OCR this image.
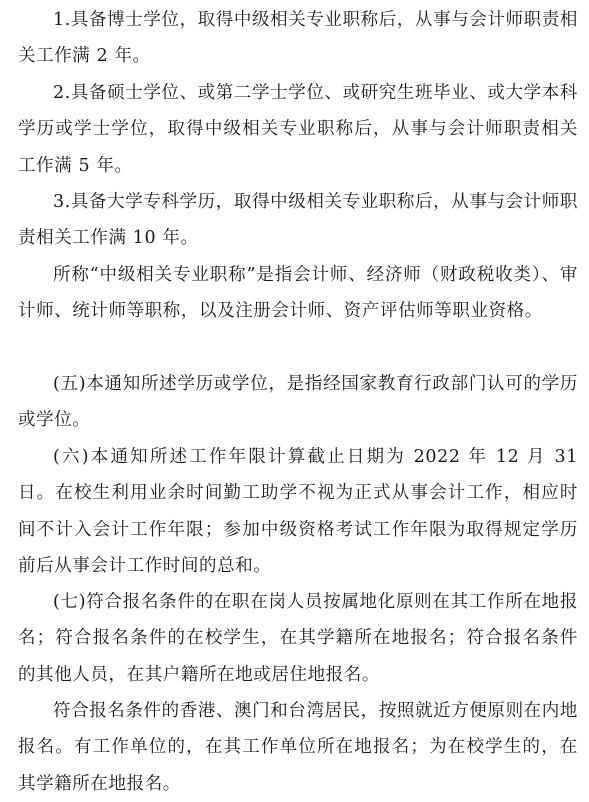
1.具备博士学位，取得中级相关专业职称后，从事与会计师职责相关工作满 2 年。

2.具备硕士学位、或第二学士学位、或研究生班毕业、或大学本科学历或学士学位，取得中级相关专业职称后，从事与会计师职责相关工作满 5 年。

3.具备大学专科学历，取得中级相关专业职称后，从事与会计师职责相关工作满 10 年。

所称“中级相关专业职称”是指会计师、经济师（财政税收类）、审计师、统计师等职称，以及注册会计师、资产评估师等职业资格。

(五)本通知所述学历或学位，是指经国家教育行政部门认可的学历或学位。

(六)本通知所述工作年限计算截止日期为 2022 年 12 月 31 日。在校生利用业余时间勤工助学不视为正式从事会计工作，相应时间不计入会计工作年限；参加中级资格考试工作年限为取得规定学历前后从事会计工作时间的总和。

(七)符合报名条件的在职在岗人员按属地化原则在其工作所在地报名；符合报名条件的在校学生，在其学籍所在地报名；符合报名条件的其他人员，在其户籍所在地或居住地报名。

符合报名条件的香港、澳门和台湾居民，按照就近方便原则在内地报名。有工作单位的，在其工作单位所在地报名；为在校学生的，在其学籍所在地报名。
